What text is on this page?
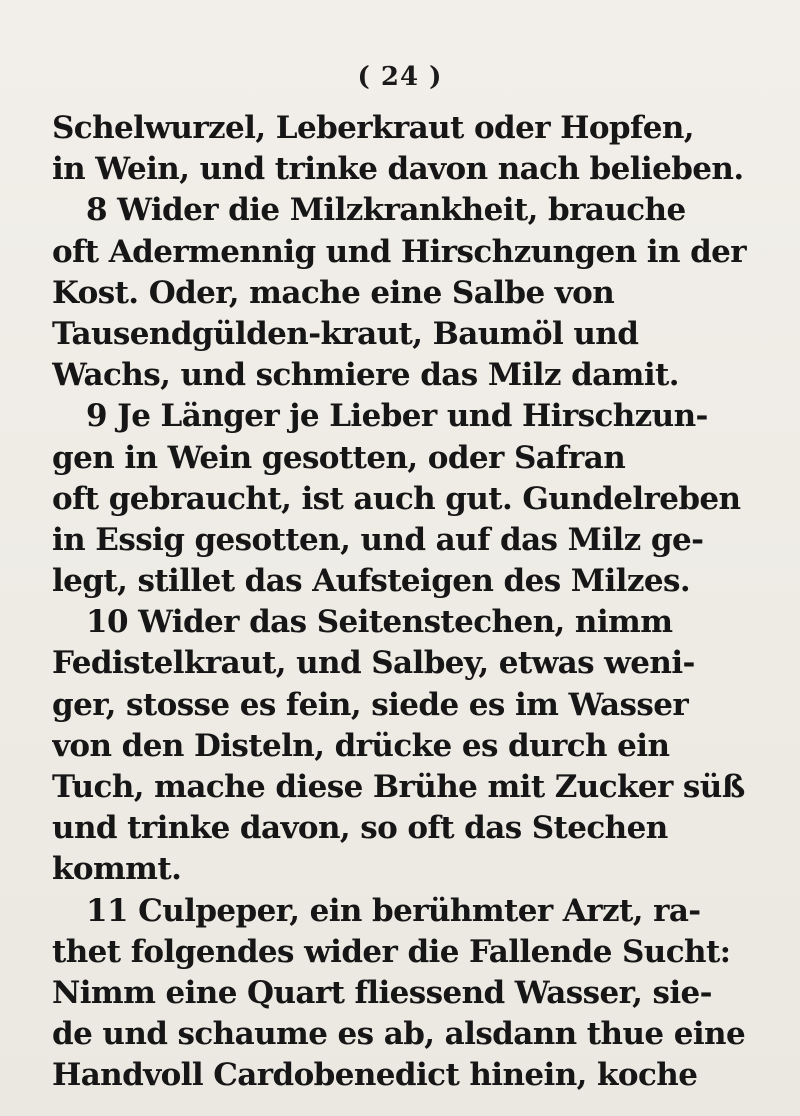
( 24 )
Schelwurzel, Leberkraut oder Hopfen,
in Wein, und trinke davon nach belieben.
8 Wider die Milzkrankheit, brauche
oft Adermennig und Hirschzungen in der
Kost. Oder, mache eine Salbe von
Tausendgülden-kraut, Baumöl und
Wachs, und schmiere das Milz damit.
9 Je Länger je Lieber und Hirschzun-
gen in Wein gesotten, oder Safran
oft gebraucht, ist auch gut. Gundelreben
in Essig gesotten, und auf das Milz ge-
legt, stillet das Aufsteigen des Milzes.
10 Wider das Seitenstechen, nimm
Fedistelkraut, und Salbey, etwas weni-
ger, stosse es fein, siede es im Wasser
von den Disteln, drücke es durch ein
Tuch, mache diese Brühe mit Zucker süß
und trinke davon, so oft das Stechen
kommt.
11 Culpeper, ein berühmter Arzt, ra-
thet folgendes wider die Fallende Sucht:
Nimm eine Quart fliessend Wasser, sie-
de und schaume es ab, alsdann thue eine
Handvoll Cardobenedict hinein, koche
